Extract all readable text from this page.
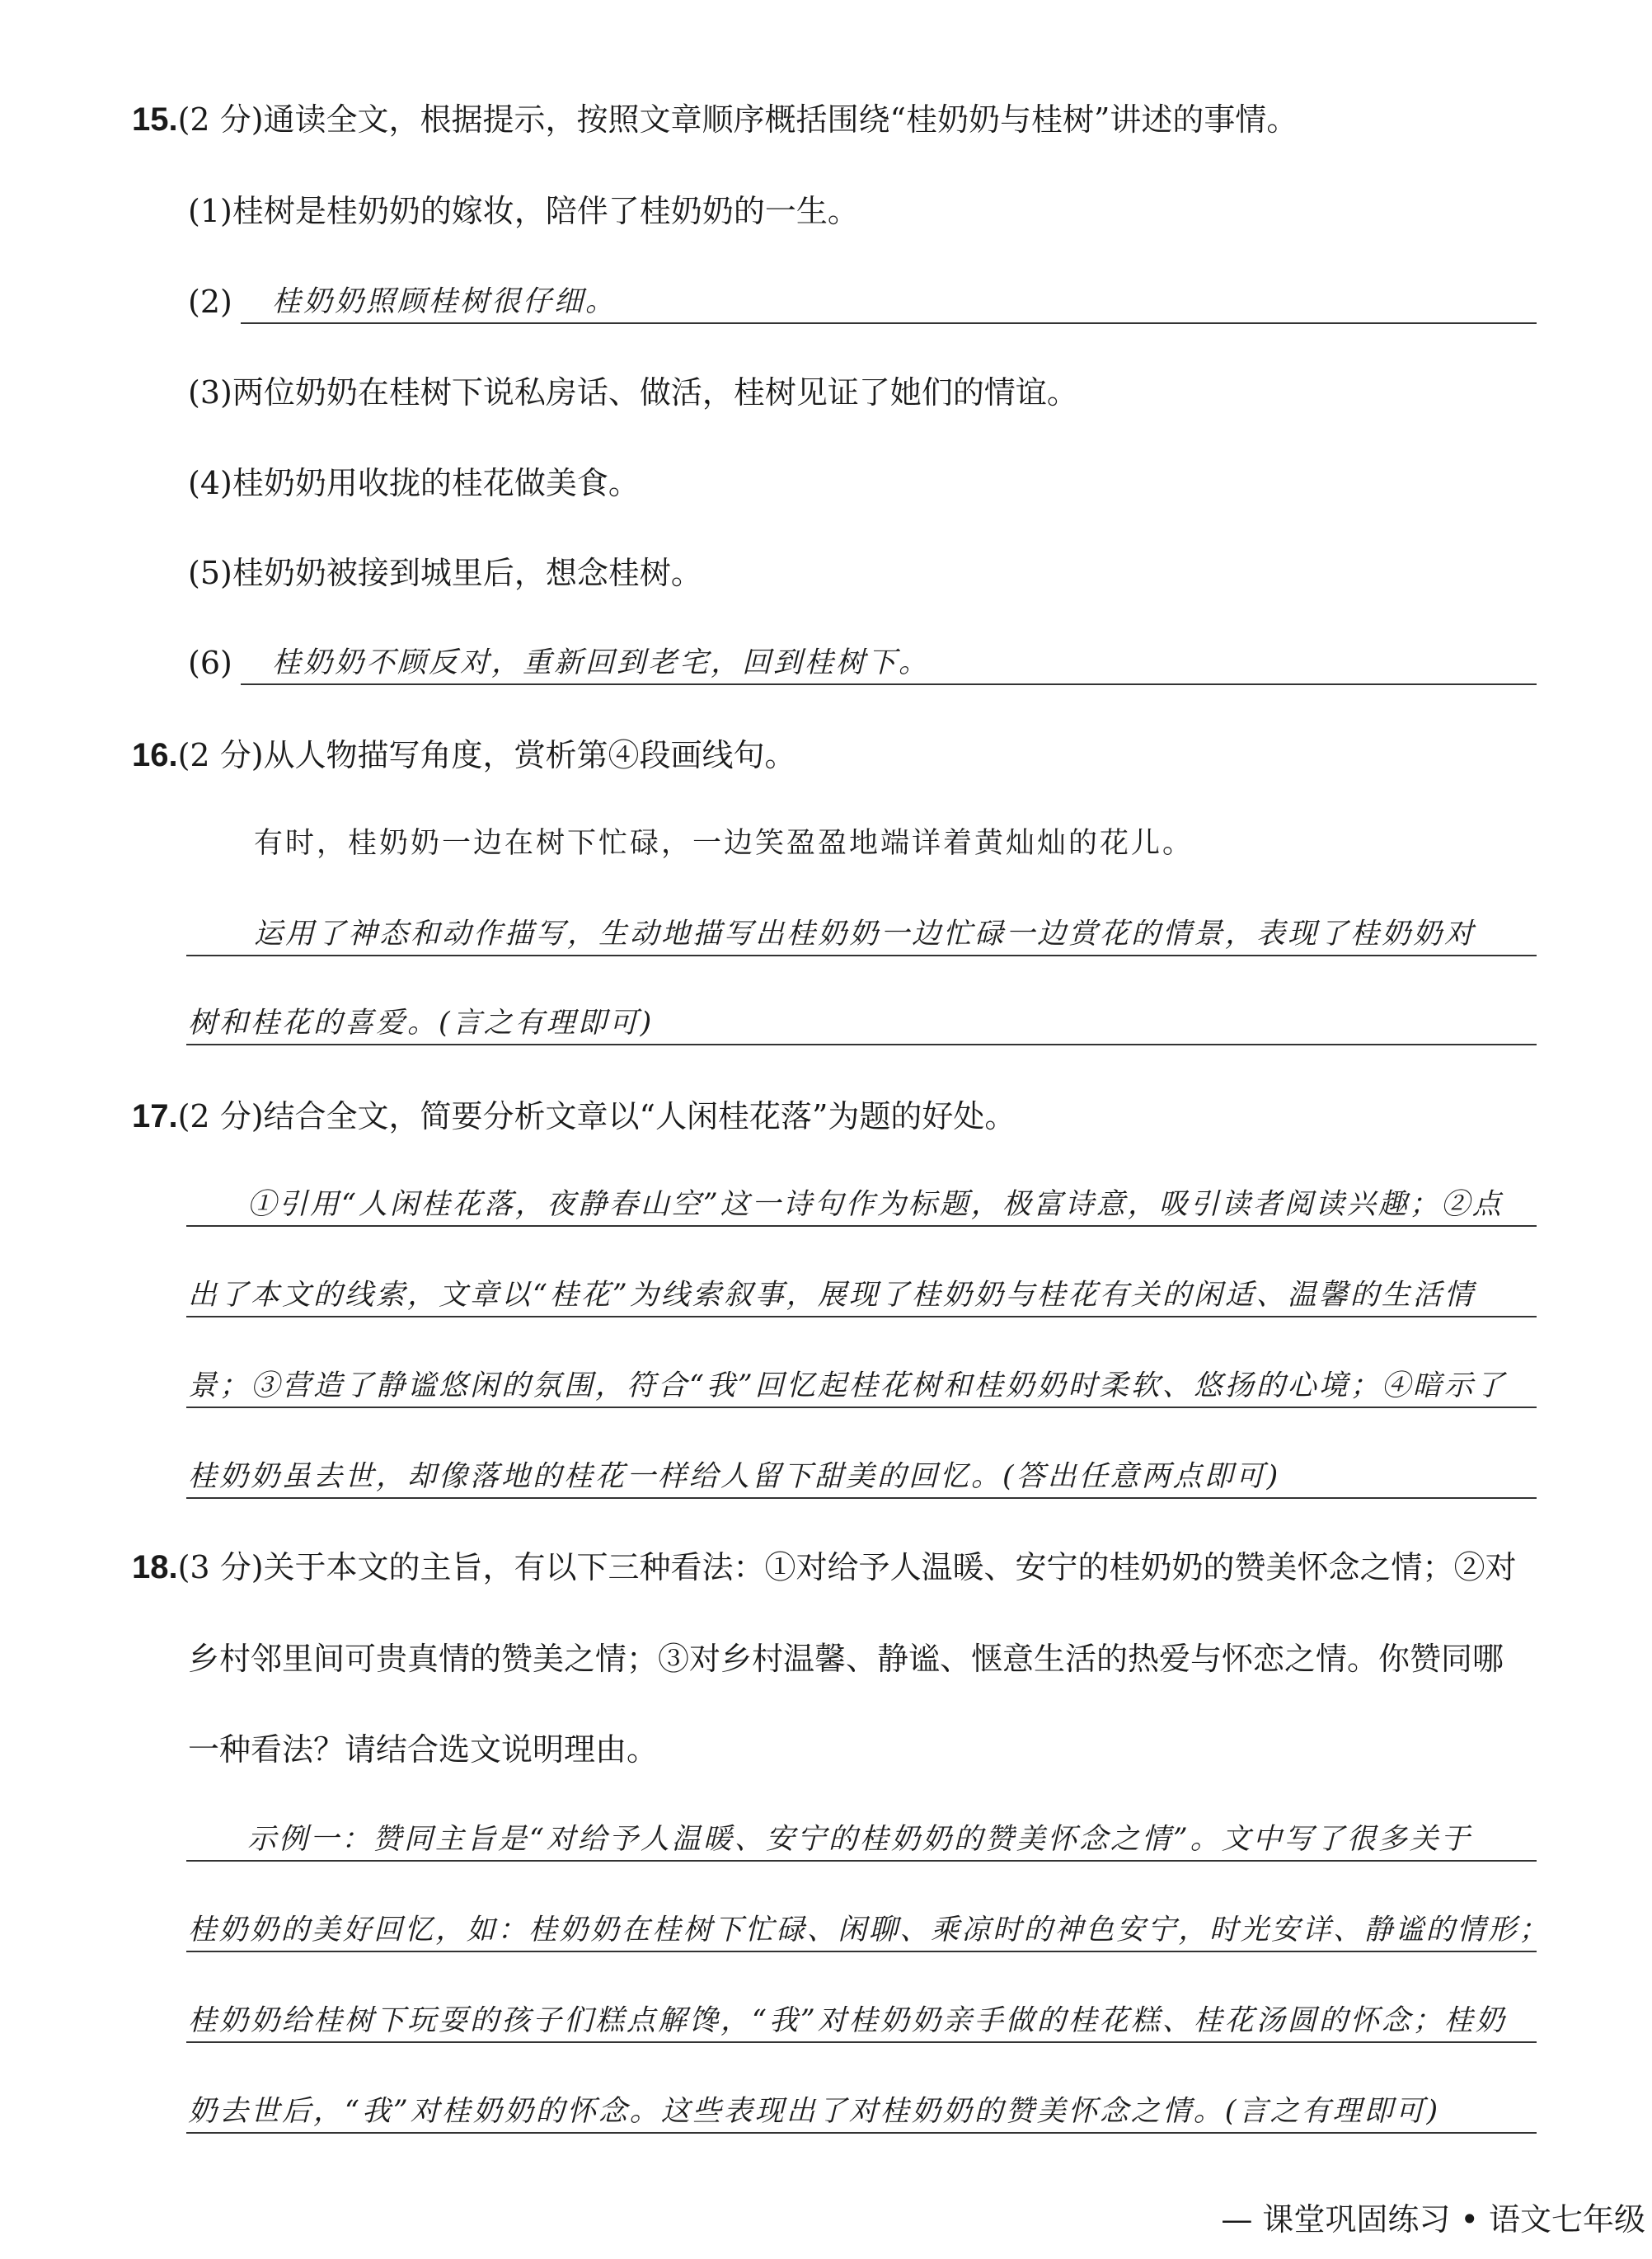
15.(2 分)通读全文，根据提示，按照文章顺序概括围绕“桂奶奶与桂树”讲述的事情。
(1)桂树是桂奶奶的嫁妆，陪伴了桂奶奶的一生。
(2) 桂奶奶照顾桂树很仔细。
(3)两位奶奶在桂树下说私房话、做活，桂树见证了她们的情谊。
(4)桂奶奶用收拢的桂花做美食。
(5)桂奶奶被接到城里后，想念桂树。
(6) 桂奶奶不顾反对，重新回到老宅，回到桂树下。
16.(2 分)从人物描写角度，赏析第④段画线句。
有时，桂奶奶一边在树下忙碌，一边笑盈盈地端详着黄灿灿的花儿。
运用了神态和动作描写，生动地描写出桂奶奶一边忙碌一边赏花的情景，表现了桂奶奶对
树和桂花的喜爱。(言之有理即可)
17.(2 分)结合全文，简要分析文章以“人闲桂花落”为题的好处。
①引用“人闲桂花落，夜静春山空”这一诗句作为标题，极富诗意，吸引读者阅读兴趣；②点
出了本文的线索，文章以“桂花”为线索叙事，展现了桂奶奶与桂花有关的闲适、温馨的生活情
景；③营造了静谧悠闲的氛围，符合“我”回忆起桂花树和桂奶奶时柔软、悠扬的心境；④暗示了
桂奶奶虽去世，却像落地的桂花一样给人留下甜美的回忆。(答出任意两点即可)
18.(3 分)关于本文的主旨，有以下三种看法：①对给予人温暖、安宁的桂奶奶的赞美怀念之情；②对
乡村邻里间可贵真情的赞美之情；③对乡村温馨、静谧、惬意生活的热爱与怀恋之情。你赞同哪
一种看法？请结合选文说明理由。
示例一：赞同主旨是“对给予人温暖、安宁的桂奶奶的赞美怀念之情”。文中写了很多关于
桂奶奶的美好回忆，如：桂奶奶在桂树下忙碌、闲聊、乘凉时的神色安宁，时光安详、静谧的情形；
桂奶奶给桂树下玩耍的孩子们糕点解馋，“我”对桂奶奶亲手做的桂花糕、桂花汤圆的怀念；桂奶
奶去世后，“我”对桂奶奶的怀念。这些表现出了对桂奶奶的赞美怀念之情。(言之有理即可)
— 课堂巩固练习 • 语文七年级
